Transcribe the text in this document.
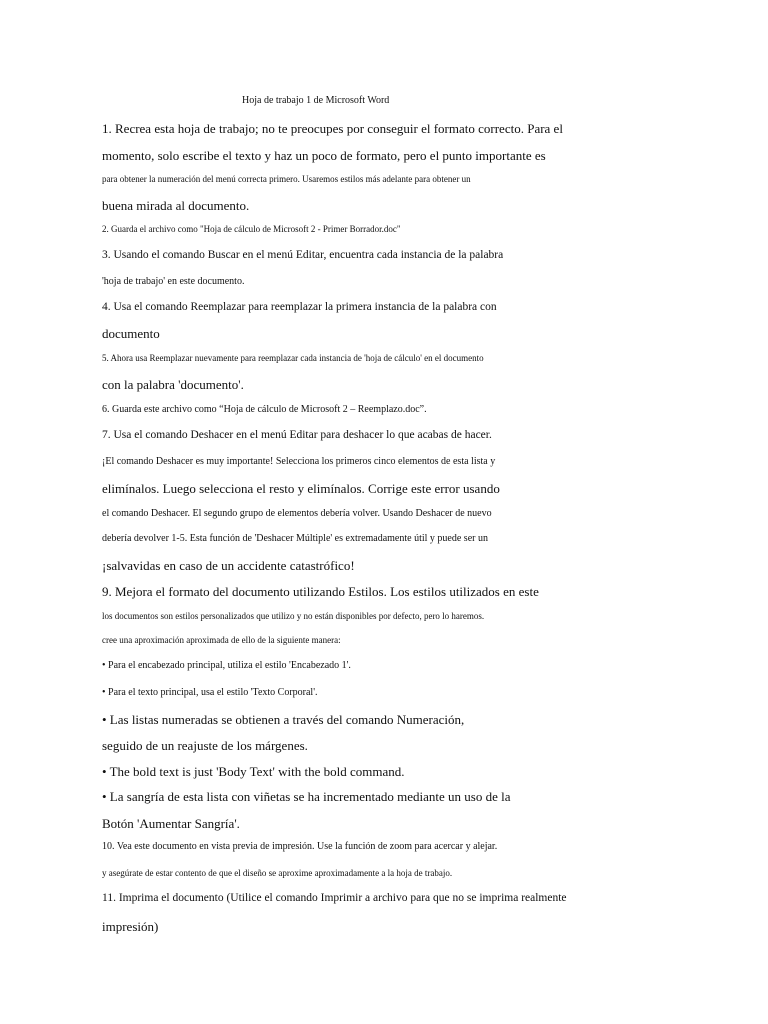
Hoja de trabajo 1 de Microsoft Word
1. Recrea esta hoja de trabajo; no te preocupes por conseguir el formato correcto. Para el
momento, solo escribe el texto y haz un poco de formato, pero el punto importante es
para obtener la numeración del menú correcta primero. Usaremos estilos más adelante para obtener un
buena mirada al documento.
2. Guarda el archivo como "Hoja de cálculo de Microsoft 2 - Primer Borrador.doc"
3. Usando el comando Buscar en el menú Editar, encuentra cada instancia de la palabra
'hoja de trabajo' en este documento.
4. Usa el comando Reemplazar para reemplazar la primera instancia de la palabra con
documento
5. Ahora usa Reemplazar nuevamente para reemplazar cada instancia de 'hoja de cálculo' en el documento
con la palabra 'documento'.
6. Guarda este archivo como “Hoja de cálculo de Microsoft 2 – Reemplazo.doc”.
7. Usa el comando Deshacer en el menú Editar para deshacer lo que acabas de hacer.
¡El comando Deshacer es muy importante! Selecciona los primeros cinco elementos de esta lista y
elimínalos. Luego selecciona el resto y elimínalos. Corrige este error usando
el comando Deshacer. El segundo grupo de elementos debería volver. Usando Deshacer de nuevo
debería devolver 1-5. Esta función de 'Deshacer Múltiple' es extremadamente útil y puede ser un
¡salvavidas en caso de un accidente catastrófico!
9. Mejora el formato del documento utilizando Estilos. Los estilos utilizados en este
los documentos son estilos personalizados que utilizo y no están disponibles por defecto, pero lo haremos.
cree una aproximación aproximada de ello de la siguiente manera:
• Para el encabezado principal, utiliza el estilo 'Encabezado 1'.
• Para el texto principal, usa el estilo 'Texto Corporal'.
• Las listas numeradas se obtienen a través del comando Numeración,
seguido de un reajuste de los márgenes.
• The bold text is just 'Body Text' with the bold command.
• La sangría de esta lista con viñetas se ha incrementado mediante un uso de la
Botón 'Aumentar Sangría'.
10. Vea este documento en vista previa de impresión. Use la función de zoom para acercar y alejar.
y asegúrate de estar contento de que el diseño se aproxime aproximadamente a la hoja de trabajo.
11. Imprima el documento (Utilice el comando Imprimir a archivo para que no se imprima realmente
impresión)
